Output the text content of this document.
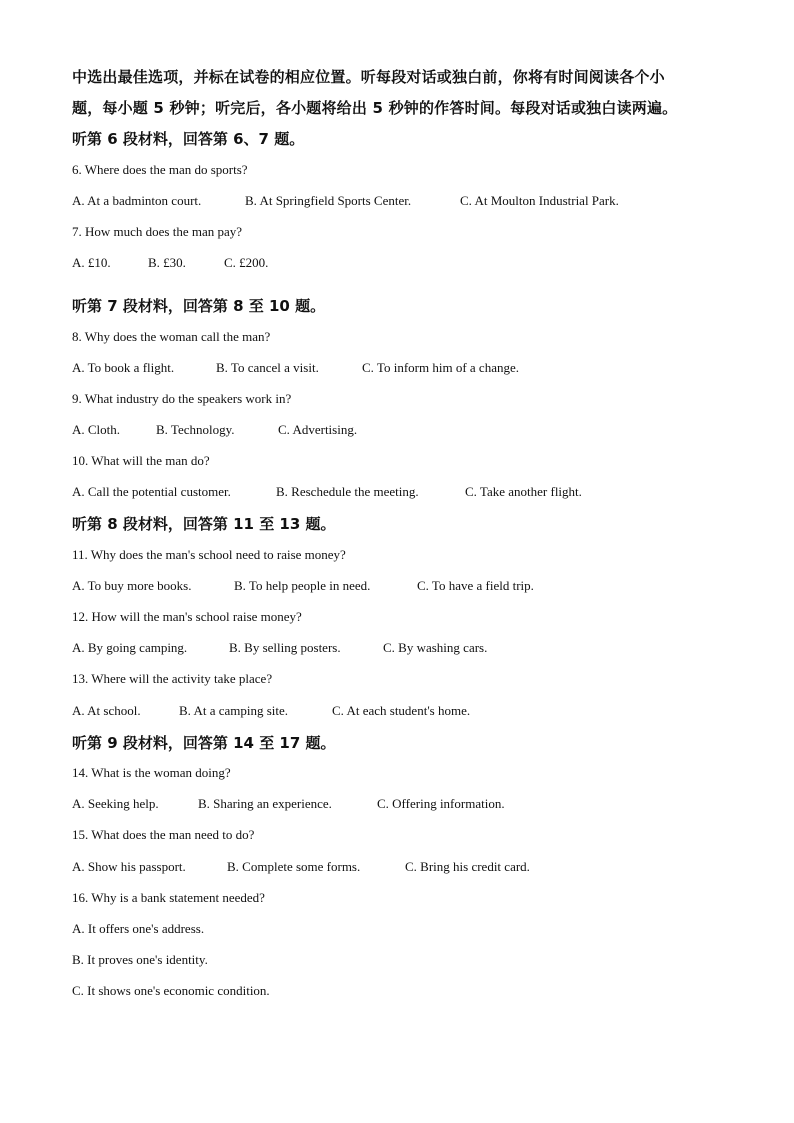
中选出最佳选项，并标在试卷的相应位置。听每段对话或独白前，你将有时间阅读各个小
题，每小题 5 秒钟；听完后，各小题将给出 5 秒钟的作答时间。每段对话或独白读两遍。
听第 6 段材料，回答第 6、7 题。
6. Where does the man do sports?
A. At a badminton court.	B. At Springfield Sports Center.	C. At Moulton Industrial Park.
7. How much does the man pay?
A. £10.	B. £30.	C. £200.
听第 7 段材料，回答第 8 至 10 题。
8. Why does the woman call the man?
A. To book a flight.	B. To cancel a visit.	C. To inform him of a change.
9. What industry do the speakers work in?
A. Cloth.	B. Technology.	C. Advertising.
10. What will the man do?
A. Call the potential customer.	B. Reschedule the meeting.	C. Take another flight.
听第 8 段材料，回答第 11 至 13 题。
11. Why does the man's school need to raise money?
A. To buy more books.	B. To help people in need.	C. To have a field trip.
12. How will the man's school raise money?
A. By going camping.	B. By selling posters.	C. By washing cars.
13. Where will the activity take place?
A. At school.	B. At a camping site.	C. At each student's home.
听第 9 段材料，回答第 14 至 17 题。
14. What is the woman doing?
A. Seeking help.	B. Sharing an experience.	C. Offering information.
15. What does the man need to do?
A. Show his passport.	B. Complete some forms.	C. Bring his credit card.
16. Why is a bank statement needed?
A. It offers one's address.
B. It proves one's identity.
C. It shows one's economic condition.
